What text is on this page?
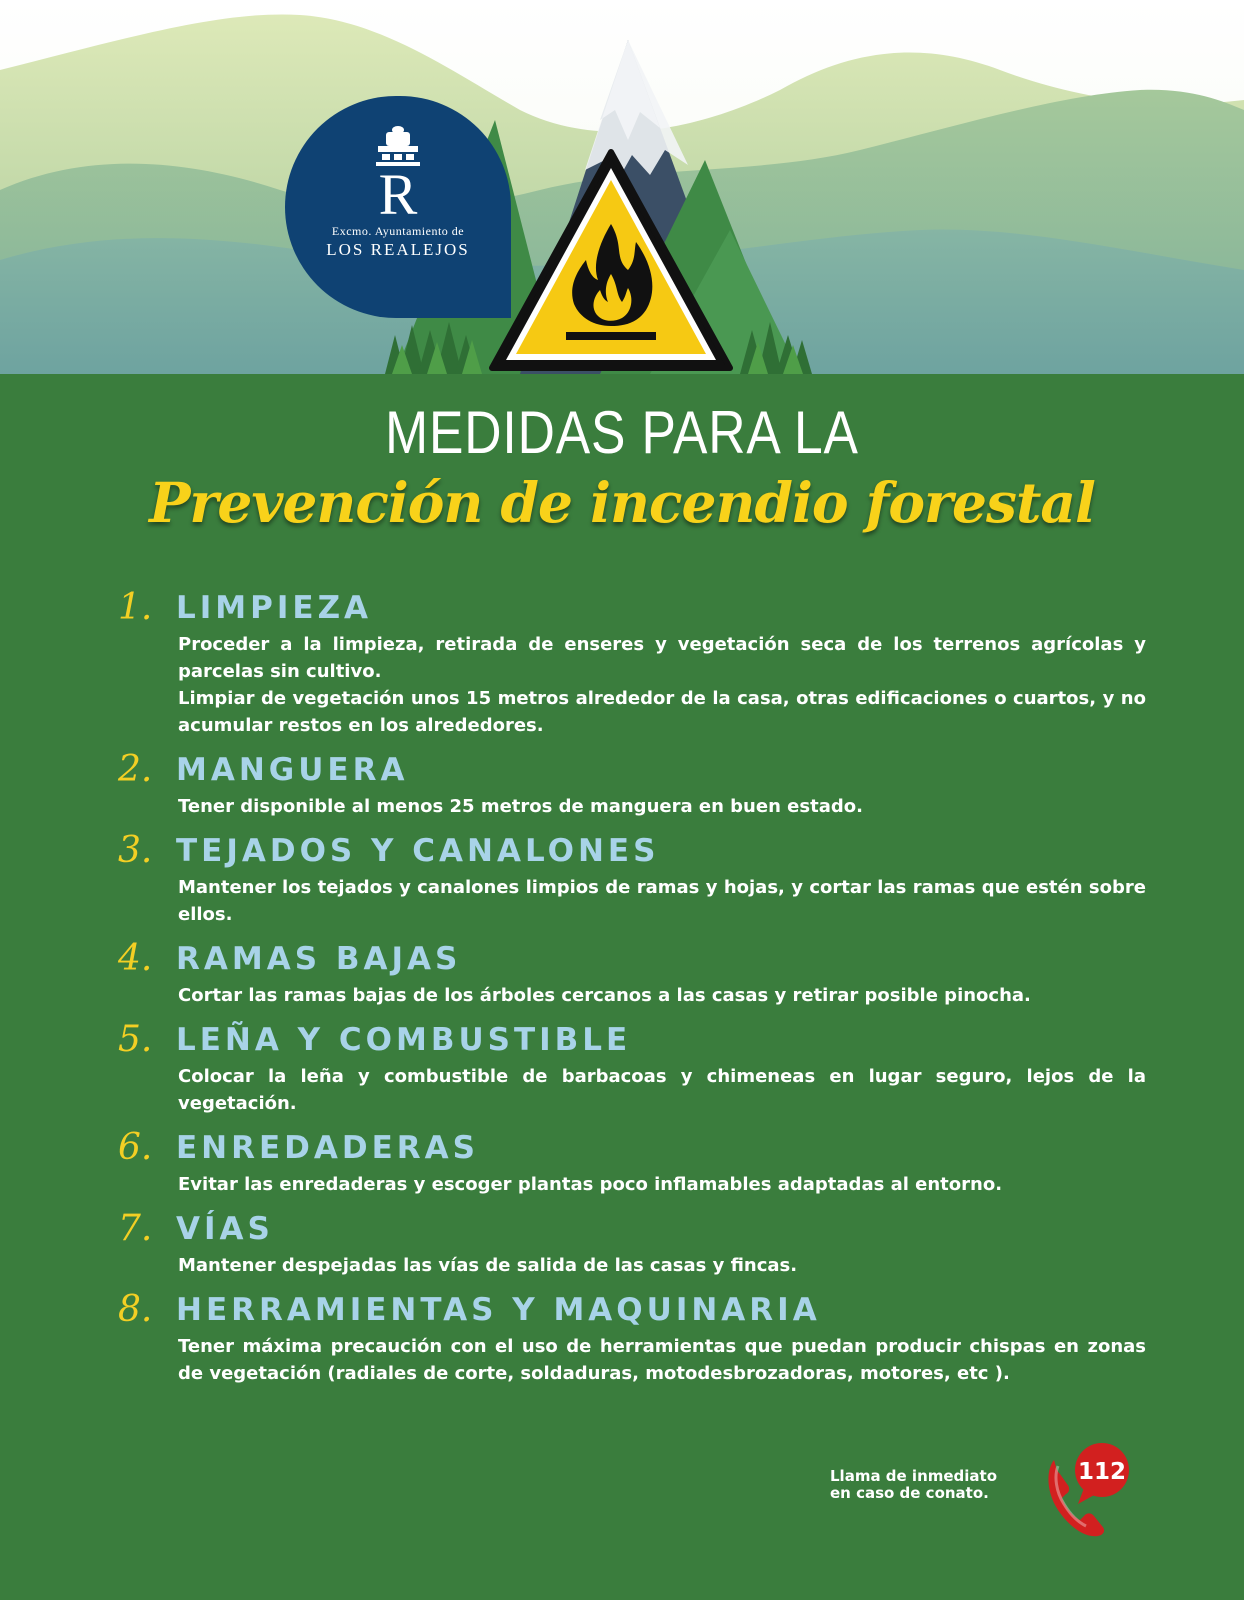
R
Excmo. Ayuntamiento de
LOS REALEJOS
MEDIDAS PARA LA
Prevención de incendio forestal
1. LIMPIEZA

Proceder a la limpieza, retirada de enseres y vegetación seca de los terrenos agrícolas y parcelas sin cultivo.

Limpiar de vegetación unos 15 metros alrededor de la casa, otras edificaciones o cuartos, y no acumular restos en los alrededores.

2. MANGUERA

Tener disponible al menos 25 metros de manguera en buen estado.

3. TEJADOS Y CANALONES

Mantener los tejados y canalones limpios de ramas y hojas, y cortar las ramas que estén sobre ellos.

4. RAMAS BAJAS

Cortar las ramas bajas de los árboles cercanos a las casas y retirar posible pinocha.

5. LEÑA Y COMBUSTIBLE

Colocar la leña y combustible de barbacoas y chimeneas en lugar seguro, lejos de la vegetación.

6. ENREDADERAS

Evitar las enredaderas y escoger plantas poco inflamables adaptadas al entorno.

7. VÍAS

Mantener despejadas las vías de salida de las casas y fincas.

8. HERRAMIENTAS Y MAQUINARIA

Tener máxima precaución con el uso de herramientas que puedan producir chispas en zonas de vegetación (radiales de corte, soldaduras, motodesbrozadoras, motores, etc ).

Llama de inmediato
en caso de conato.
112
